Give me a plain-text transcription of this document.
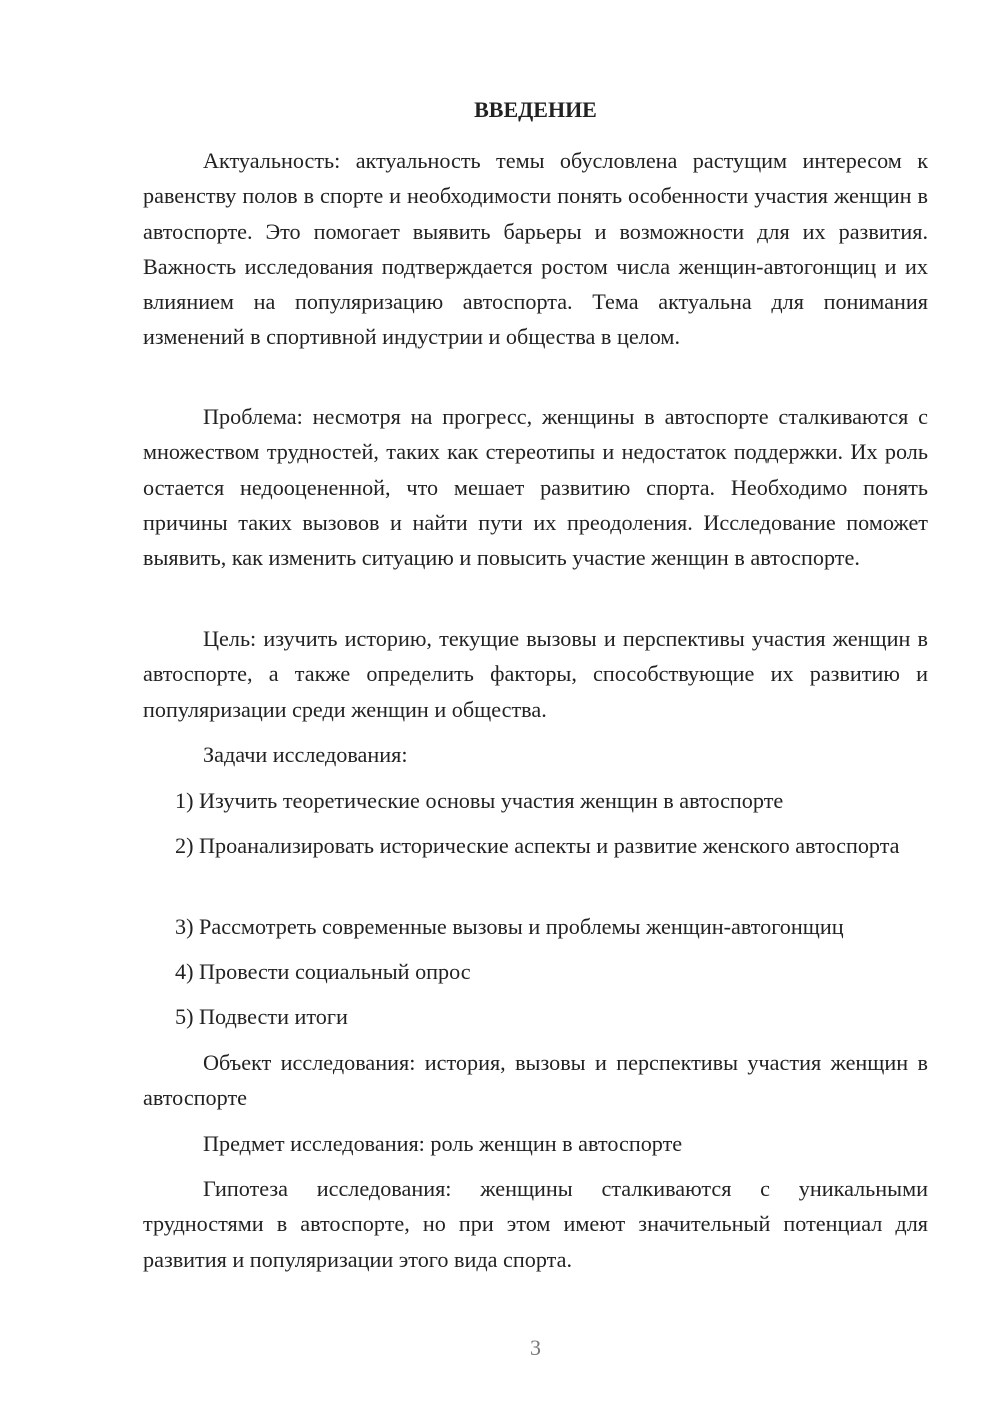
ВВЕДЕНИЕ

Актуальность: актуальность темы обусловлена растущим интересом к равенству полов в спорте и необходимости понять особенности участия женщин в автоспорте. Это помогает выявить барьеры и возможности для их развития. Важность исследования подтверждается ростом числа женщин-автогонщиц и их влиянием на популяризацию автоспорта. Тема актуальна для понимания изменений в спортивной индустрии и общества в целом.

Проблема: несмотря на прогресс, женщины в автоспорте сталкиваются с множеством трудностей, таких как стереотипы и недостаток поддержки. Их роль остается недооцененной, что мешает развитию спорта. Необходимо понять причины таких вызовов и найти пути их преодоления. Исследование поможет выявить, как изменить ситуацию и повысить участие женщин в автоспорте.

Цель: изучить историю, текущие вызовы и перспективы участия женщин в автоспорте, а также определить факторы, способствующие их развитию и популяризации среди женщин и общества.

Задачи исследования:

1) Изучить теоретические основы участия женщин в автоспорте

2) Проанализировать исторические аспекты и развитие женского автоспорта

3) Рассмотреть современные вызовы и проблемы женщин-автогонщиц

4) Провести социальный опрос

5) Подвести итоги

Объект исследования: история, вызовы и перспективы участия женщин в автоспорте

Предмет исследования: роль женщин в автоспорте

Гипотеза исследования: женщины сталкиваются с уникальными трудностями в автоспорте, но при этом имеют значительный потенциал для развития и популяризации этого вида спорта.

3
